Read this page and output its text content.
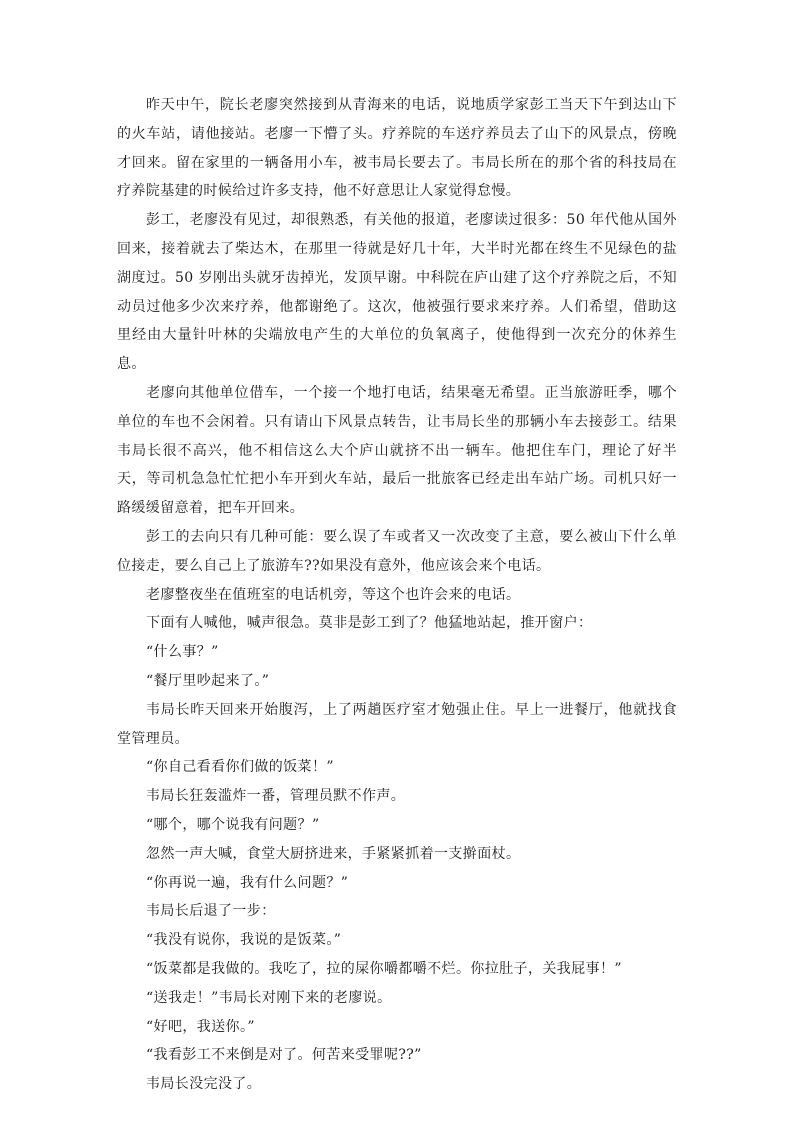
昨天中午，院长老廖突然接到从青海来的电话，说地质学家彭工当天下午到达山下的火车站，请他接站。老廖一下懵了头。疗养院的车送疗养员去了山下的风景点，傍晚才回来。留在家里的一辆备用小车，被韦局长要去了。韦局长所在的那个省的科技局在疗养院基建的时候给过许多支持，他不好意思让人家觉得怠慢。

彭工，老廖没有见过，却很熟悉，有关他的报道，老廖读过很多：50 年代他从国外回来，接着就去了柴达木，在那里一待就是好几十年，大半时光都在终生不见绿色的盐湖度过。50 岁刚出头就牙齿掉光，发顶早谢。中科院在庐山建了这个疗养院之后，不知动员过他多少次来疗养，他都谢绝了。这次，他被强行要求来疗养。人们希望，借助这里经由大量针叶林的尖端放电产生的大单位的负氧离子，使他得到一次充分的休养生息。

老廖向其他单位借车，一个接一个地打电话，结果毫无希望。正当旅游旺季，哪个单位的车也不会闲着。只有请山下风景点转告，让韦局长坐的那辆小车去接彭工。结果韦局长很不高兴，他不相信这么大个庐山就挤不出一辆车。他把住车门，理论了好半天，等司机急急忙忙把小车开到火车站，最后一批旅客已经走出车站广场。司机只好一路缓缓留意着，把车开回来。

彭工的去向只有几种可能：要么误了车或者又一次改变了主意，要么被山下什么单位接走，要么自己上了旅游车??如果没有意外，他应该会来个电话。

老廖整夜坐在值班室的电话机旁，等这个也许会来的电话。

下面有人喊他，喊声很急。莫非是彭工到了？他猛地站起，推开窗户：

“什么事？”

“餐厅里吵起来了。”

韦局长昨天回来开始腹泻，上了两趟医疗室才勉强止住。早上一进餐厅，他就找食堂管理员。

“你自己看看你们做的饭菜！”

韦局长狂轰滥炸一番，管理员默不作声。

“哪个，哪个说我有问题？”

忽然一声大喊，食堂大厨挤进来，手紧紧抓着一支擀面杖。

“你再说一遍，我有什么问题？”

韦局长后退了一步：

“我没有说你，我说的是饭菜。”

“饭菜都是我做的。我吃了，拉的屎你嚼都嚼不烂。你拉肚子，关我屁事！”

“送我走！”韦局长对刚下来的老廖说。

“好吧，我送你。”

“我看彭工不来倒是对了。何苦来受罪呢??”

韦局长没完没了。
